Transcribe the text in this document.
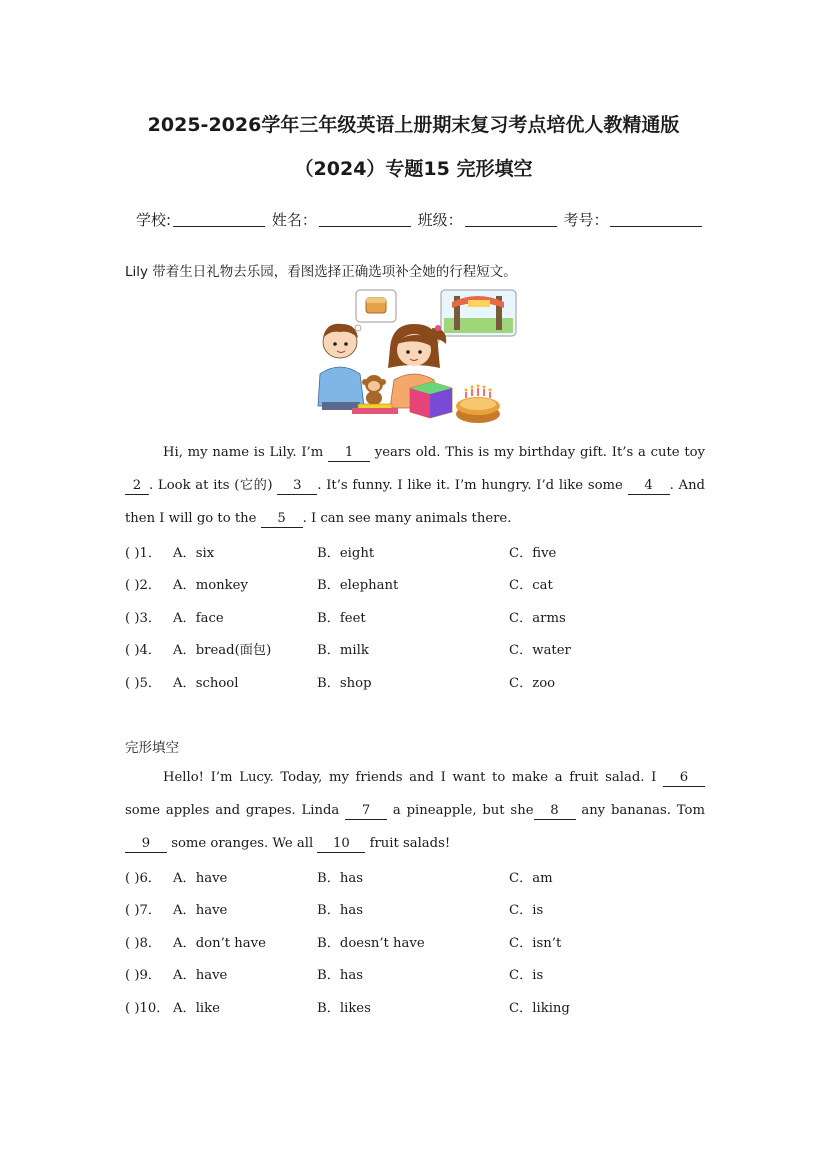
2025-2026学年三年级英语上册期末复习考点培优人教精通版
（2024）专题15 完形填空
学校:	姓名：	班级：	考号：
Lily 带着生日礼物去乐园，看图选择正确选项补全她的行程短文。
Hi, my name is Lily. I’m 1 years old. This is my birthday gift. It’s a cute toy 2 . Look at its (它的) 3 . It’s funny. I like it. I’m hungry. I’d like some 4 . And then I will go to the 5 . I can see many animals there.
( )1． A．six	B．eight	C．five
( )2． A．monkey	B．elephant	C．cat
( )3． A．face	B．feet	C．arms
( )4． A．bread(面包)	B．milk	C．water
( )5． A．school	B．shop	C．zoo
完形填空
Hello! I’m Lucy. Today, my friends and I want to make a fruit salad. I 6 some apples and grapes. Linda 7 a pineapple, but she 8 any bananas. Tom 9 some oranges. We all 10 fruit salads!
( )6． A．have	B．has	C．am
( )7． A．have	B．has	C．is
( )8． A．don’t have	B．doesn’t have	C．isn’t
( )9． A．have	B．has	C．is
( )10． A．like	B．likes	C．liking
